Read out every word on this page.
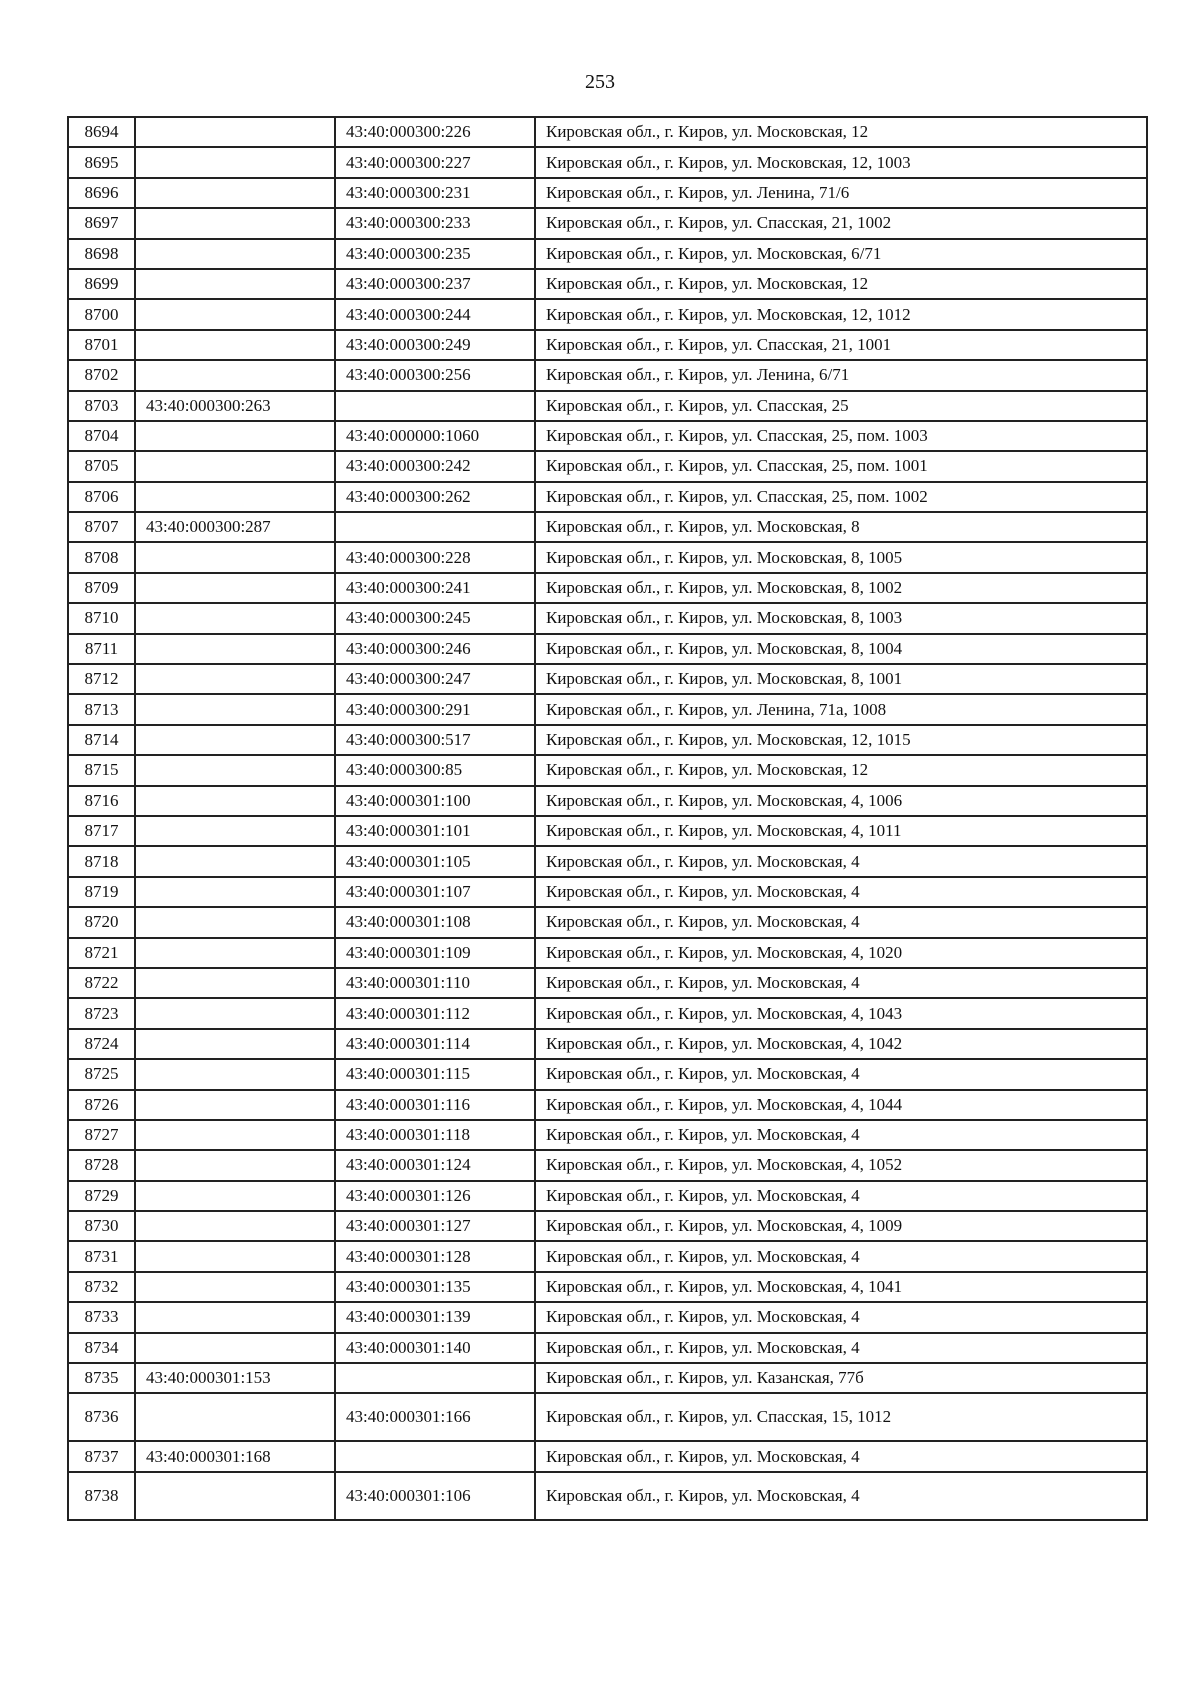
253
8694		43:40:000300:226	Кировская обл., г. Киров, ул. Московская, 12
8695		43:40:000300:227	Кировская обл., г. Киров, ул. Московская, 12, 1003
8696		43:40:000300:231	Кировская обл., г. Киров, ул. Ленина, 71/6
8697		43:40:000300:233	Кировская обл., г. Киров, ул. Спасская, 21, 1002
8698		43:40:000300:235	Кировская обл., г. Киров, ул. Московская, 6/71
8699		43:40:000300:237	Кировская обл., г. Киров, ул. Московская, 12
8700		43:40:000300:244	Кировская обл., г. Киров, ул. Московская, 12, 1012
8701		43:40:000300:249	Кировская обл., г. Киров, ул. Спасская, 21, 1001
8702		43:40:000300:256	Кировская обл., г. Киров, ул. Ленина, 6/71
8703	43:40:000300:263		Кировская обл., г. Киров, ул. Спасская, 25
8704		43:40:000000:1060	Кировская обл., г. Киров, ул. Спасская, 25, пом. 1003
8705		43:40:000300:242	Кировская обл., г. Киров, ул. Спасская, 25, пом. 1001
8706		43:40:000300:262	Кировская обл., г. Киров, ул. Спасская, 25, пом. 1002
8707	43:40:000300:287		Кировская обл., г. Киров, ул. Московская, 8
8708		43:40:000300:228	Кировская обл., г. Киров, ул. Московская, 8, 1005
8709		43:40:000300:241	Кировская обл., г. Киров, ул. Московская, 8, 1002
8710		43:40:000300:245	Кировская обл., г. Киров, ул. Московская, 8, 1003
8711		43:40:000300:246	Кировская обл., г. Киров, ул. Московская, 8, 1004
8712		43:40:000300:247	Кировская обл., г. Киров, ул. Московская, 8, 1001
8713		43:40:000300:291	Кировская обл., г. Киров, ул. Ленина, 71а, 1008
8714		43:40:000300:517	Кировская обл., г. Киров, ул. Московская, 12, 1015
8715		43:40:000300:85	Кировская обл., г. Киров, ул. Московская, 12
8716		43:40:000301:100	Кировская обл., г. Киров, ул. Московская, 4, 1006
8717		43:40:000301:101	Кировская обл., г. Киров, ул. Московская, 4, 1011
8718		43:40:000301:105	Кировская обл., г. Киров, ул. Московская, 4
8719		43:40:000301:107	Кировская обл., г. Киров, ул. Московская, 4
8720		43:40:000301:108	Кировская обл., г. Киров, ул. Московская, 4
8721		43:40:000301:109	Кировская обл., г. Киров, ул. Московская, 4, 1020
8722		43:40:000301:110	Кировская обл., г. Киров, ул. Московская, 4
8723		43:40:000301:112	Кировская обл., г. Киров, ул. Московская, 4, 1043
8724		43:40:000301:114	Кировская обл., г. Киров, ул. Московская, 4, 1042
8725		43:40:000301:115	Кировская обл., г. Киров, ул. Московская, 4
8726		43:40:000301:116	Кировская обл., г. Киров, ул. Московская, 4, 1044
8727		43:40:000301:118	Кировская обл., г. Киров, ул. Московская, 4
8728		43:40:000301:124	Кировская обл., г. Киров, ул. Московская, 4, 1052
8729		43:40:000301:126	Кировская обл., г. Киров, ул. Московская, 4
8730		43:40:000301:127	Кировская обл., г. Киров, ул. Московская, 4, 1009
8731		43:40:000301:128	Кировская обл., г. Киров, ул. Московская, 4
8732		43:40:000301:135	Кировская обл., г. Киров, ул. Московская, 4, 1041
8733		43:40:000301:139	Кировская обл., г. Киров, ул. Московская, 4
8734		43:40:000301:140	Кировская обл., г. Киров, ул. Московская, 4
8735	43:40:000301:153		Кировская обл., г. Киров, ул. Казанская, 77б
8736		43:40:000301:166	Кировская обл., г. Киров, ул. Спасская, 15, 1012
8737	43:40:000301:168		Кировская обл., г. Киров, ул. Московская, 4
8738		43:40:000301:106	Кировская обл., г. Киров, ул. Московская, 4
